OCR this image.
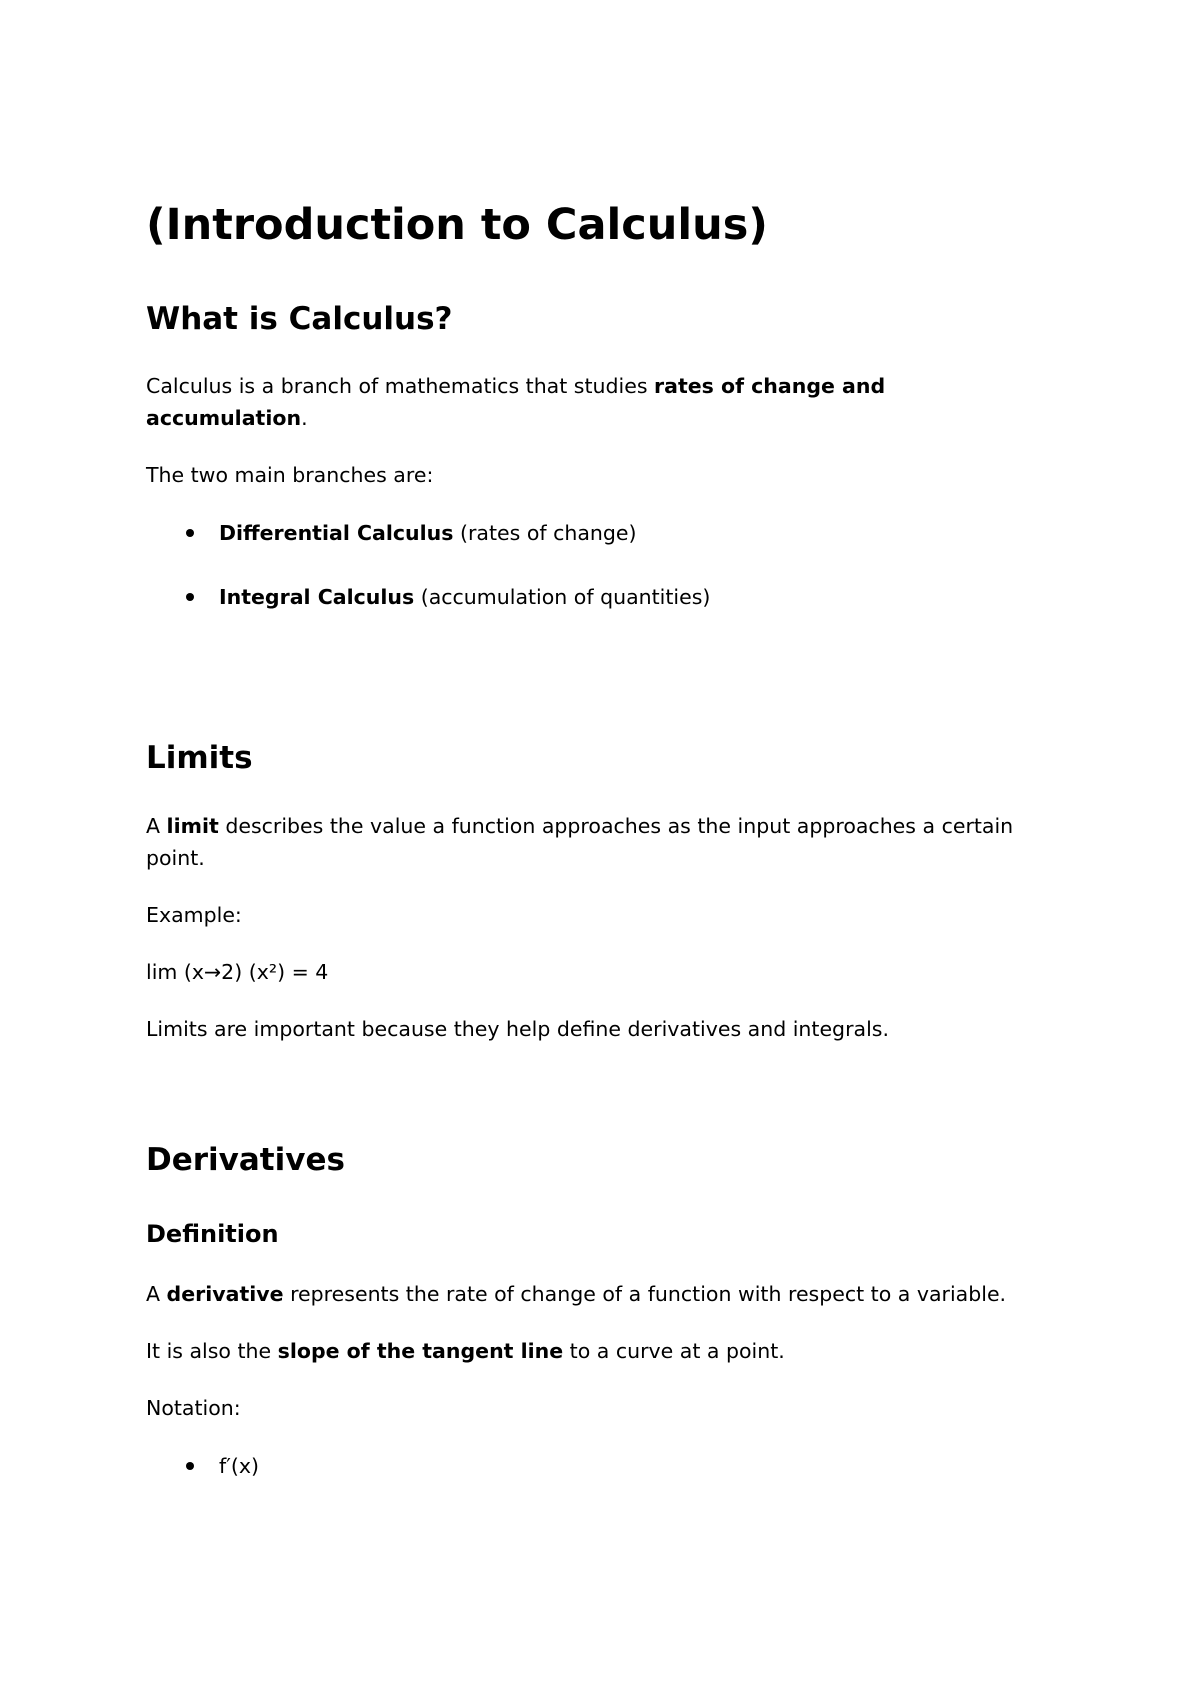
(Introduction to Calculus)
What is Calculus?

Calculus is a branch of mathematics that studies rates of change and

accumulation.

The two main branches are:

Differential Calculus (rates of change)

Integral Calculus (accumulation of quantities)

Limits

A limit describes the value a function approaches as the input approaches a certain

point.

Example:

lim (x→2) (x²) = 4

Limits are important because they help define derivatives and integrals.

Derivatives
Definition

A derivative represents the rate of change of a function with respect to a variable.

It is also the slope of the tangent line to a curve at a point.

Notation:

f′(x)
